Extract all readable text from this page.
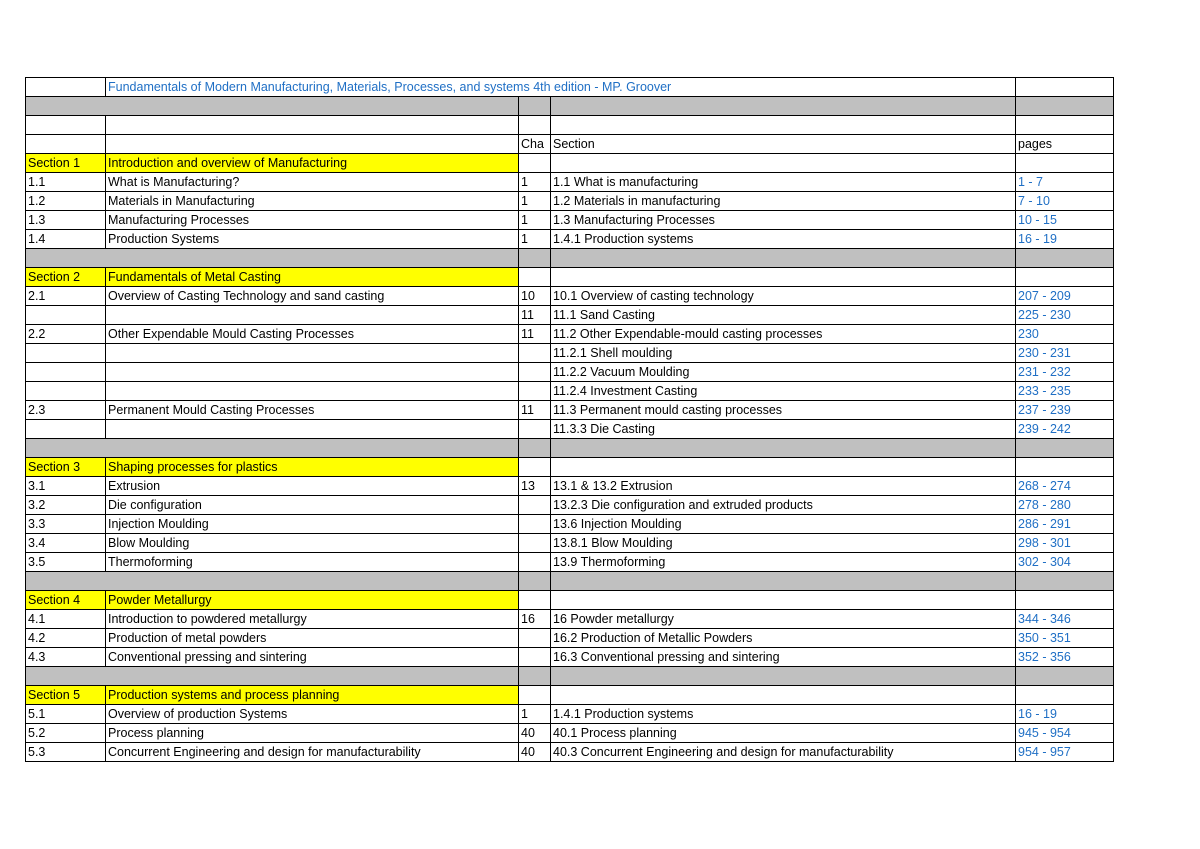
	Fundamentals of Modern Manufacturing, Materials, Processes, and systems 4th edition - MP. Groover			

		Cha	Section	pages
Section 1	Introduction and overview of Manufacturing			
1.1	What is Manufacturing?	1	1.1 What is manufacturing	1 - 7
1.2	Materials in Manufacturing	1	1.2 Materials in manufacturing	7 - 10
1.3	Manufacturing Processes	1	1.3 Manufacturing Processes	10 - 15
1.4	Production Systems	1	1.4.1 Production systems	16 - 19

Section 2	Fundamentals of Metal Casting			
2.1	Overview of Casting Technology and sand casting	10	10.1 Overview of casting technology	207 - 209
		11	11.1 Sand Casting	225 - 230
2.2	Other Expendable Mould Casting Processes	11	11.2 Other Expendable-mould casting processes	230
			11.2.1 Shell moulding	230 - 231
			11.2.2 Vacuum Moulding	231 - 232
			11.2.4 Investment Casting	233 - 235
2.3	Permanent Mould Casting Processes	11	11.3 Permanent mould casting processes	237 - 239
			11.3.3 Die Casting	239 - 242

Section 3	Shaping processes for plastics			
3.1	Extrusion	13	13.1 & 13.2 Extrusion	268 - 274
3.2	Die configuration		13.2.3 Die configuration and extruded products	278 - 280
3.3	Injection Moulding		13.6 Injection Moulding	286 - 291
3.4	Blow Moulding		13.8.1 Blow Moulding	298 - 301
3.5	Thermoforming		13.9 Thermoforming	302 - 304

Section 4	Powder Metallurgy			
4.1	Introduction to powdered metallurgy	16	16 Powder metallurgy	344 - 346
4.2	Production of metal powders		16.2 Production of Metallic Powders	350 - 351
4.3	Conventional pressing and sintering		16.3 Conventional pressing and sintering	352 - 356

Section 5	Production systems and process planning			
5.1	Overview of production Systems	1	1.4.1 Production systems	16 - 19
5.2	Process planning	40	40.1 Process planning	945 - 954
5.3	Concurrent Engineering and design for manufacturability	40	40.3 Concurrent Engineering and design for manufacturability	954 - 957
